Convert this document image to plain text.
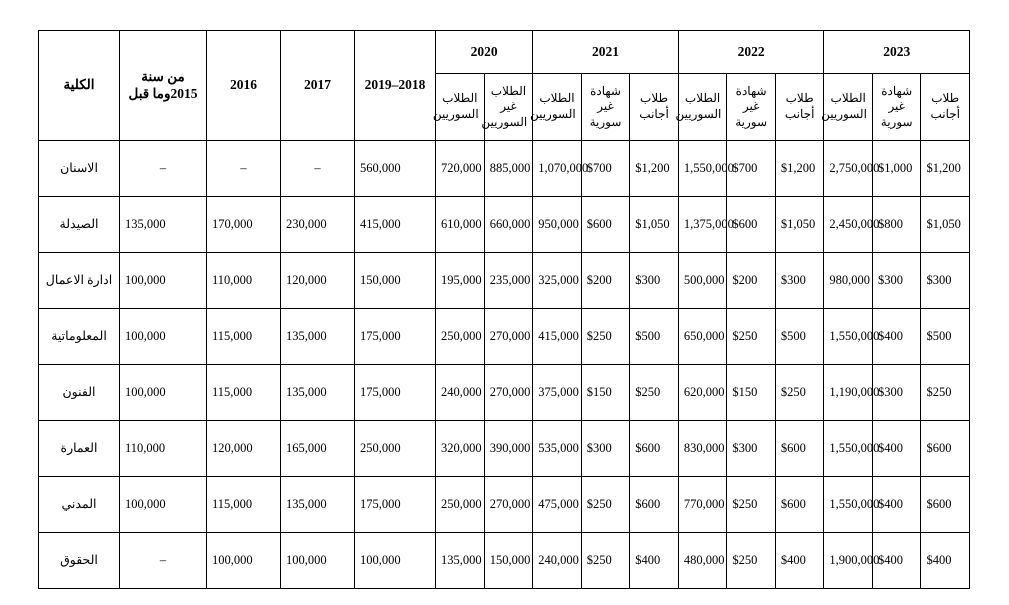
2023			2022			2021			2020		2018–2019	2017	2016	من سنة 2015وما قبل	الكلية
طلاب أجانب	شهادة غير سورية	الطلاب السوريين	طلاب أجانب	شهادة غير سورية	الطلاب السوريين	طلاب أجانب	شهادة غير سورية	الطلاب السوريين	الطلاب غير السوريين	الطلاب السوريين					
$1,200	$1,000	2,750,000	$1,200	$700	1,550,000	$1,200	$700	1,070,000	885,000	720,000	560,000	–	–	–	الاسنان
$1,050	$800	2,450,000	$1,050	$600	1,375,000	$1,050	$600	950,000	660,000	610,000	415,000	230,000	170,000	135,000	الصيدلة
$300	$300	980,000	$300	$200	500,000	$300	$200	325,000	235,000	195,000	150,000	120,000	110,000	100,000	ادارة الاعمال
$500	$400	1,550,000	$500	$250	650,000	$500	$250	415,000	270,000	250,000	175,000	135,000	115,000	100,000	المعلوماتية
$250	$300	1,190,000	$250	$150	620,000	$250	$150	375,000	270,000	240,000	175,000	135,000	115,000	100,000	الفنون
$600	$400	1,550,000	$600	$300	830,000	$600	$300	535,000	390,000	320,000	250,000	165,000	120,000	110,000	العمارة
$600	$400	1,550,000	$600	$250	770,000	$600	$250	475,000	270,000	250,000	175,000	135,000	115,000	100,000	المدني
$400	$400	1,900,000	$400	$250	480,000	$400	$250	240,000	150,000	135,000	100,000	100,000	100,000	–	الحقوق
